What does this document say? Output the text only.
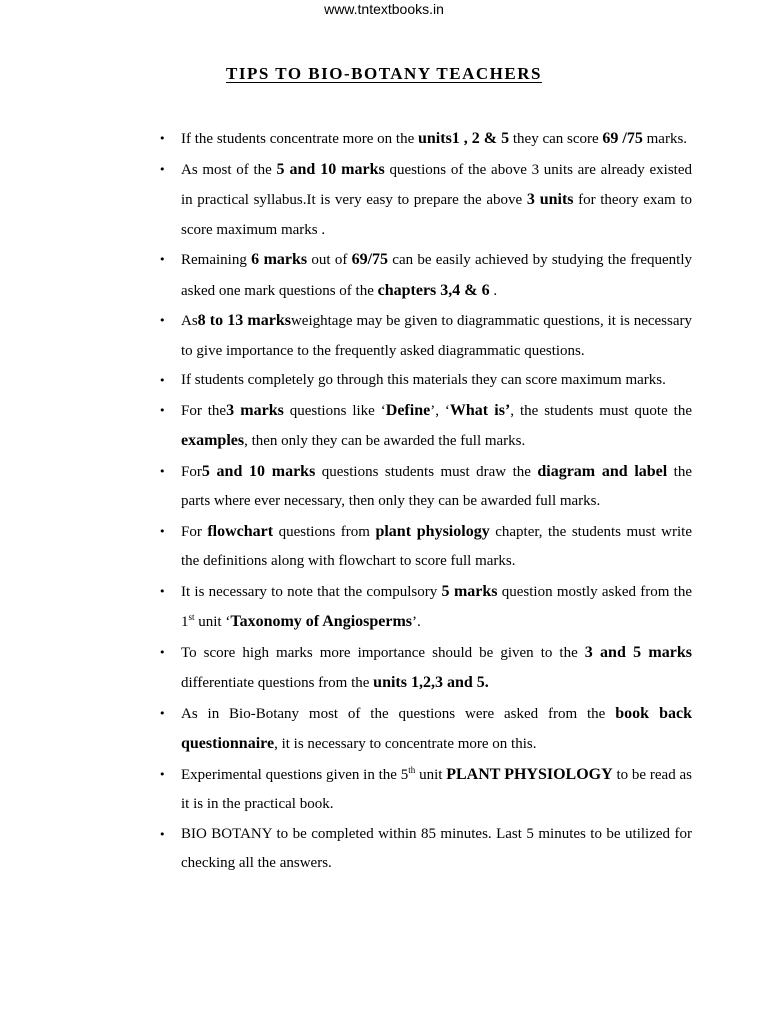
www.tntextbooks.in
TIPS TO BIO-BOTANY TEACHERS
• If the students concentrate more on the units1 , 2 & 5 they can score 69 /75 marks.
• As most of the 5 and 10 marks questions of the above 3 units are already existed in practical syllabus.It is very easy to prepare the above 3 units for theory exam to score maximum marks .
• Remaining 6 marks out of 69/75 can be easily achieved by studying the frequently asked one mark questions of the chapters 3,4 & 6 .
• As8 to 13 marksweightage may be given to diagrammatic questions, it is necessary to give importance to the frequently asked diagrammatic questions.
• If students completely go through this materials they can score maximum marks.
• For the3 marks questions like ‘Define’, ‘What is’, the students must quote the examples, then only they can be awarded the full marks.
• For5 and 10 marks questions students must draw the diagram and label the parts where ever necessary, then only they can be awarded full marks.
• For flowchart questions from plant physiology chapter, the students must write the definitions along with flowchart to score full marks.
• It is necessary to note that the compulsory 5 marks question mostly asked from the 1st unit ‘Taxonomy of Angiosperms’.
• To score high marks more importance should be given to the 3 and 5 marks differentiate questions from the units 1,2,3 and 5.
• As in Bio-Botany most of the questions were asked from the book back questionnaire, it is necessary to concentrate more on this.
• Experimental questions given in the 5th unit PLANT PHYSIOLOGY to be read as it is in the practical book.
• BIO BOTANY to be completed within 85 minutes. Last 5 minutes to be utilized for checking all the answers.
